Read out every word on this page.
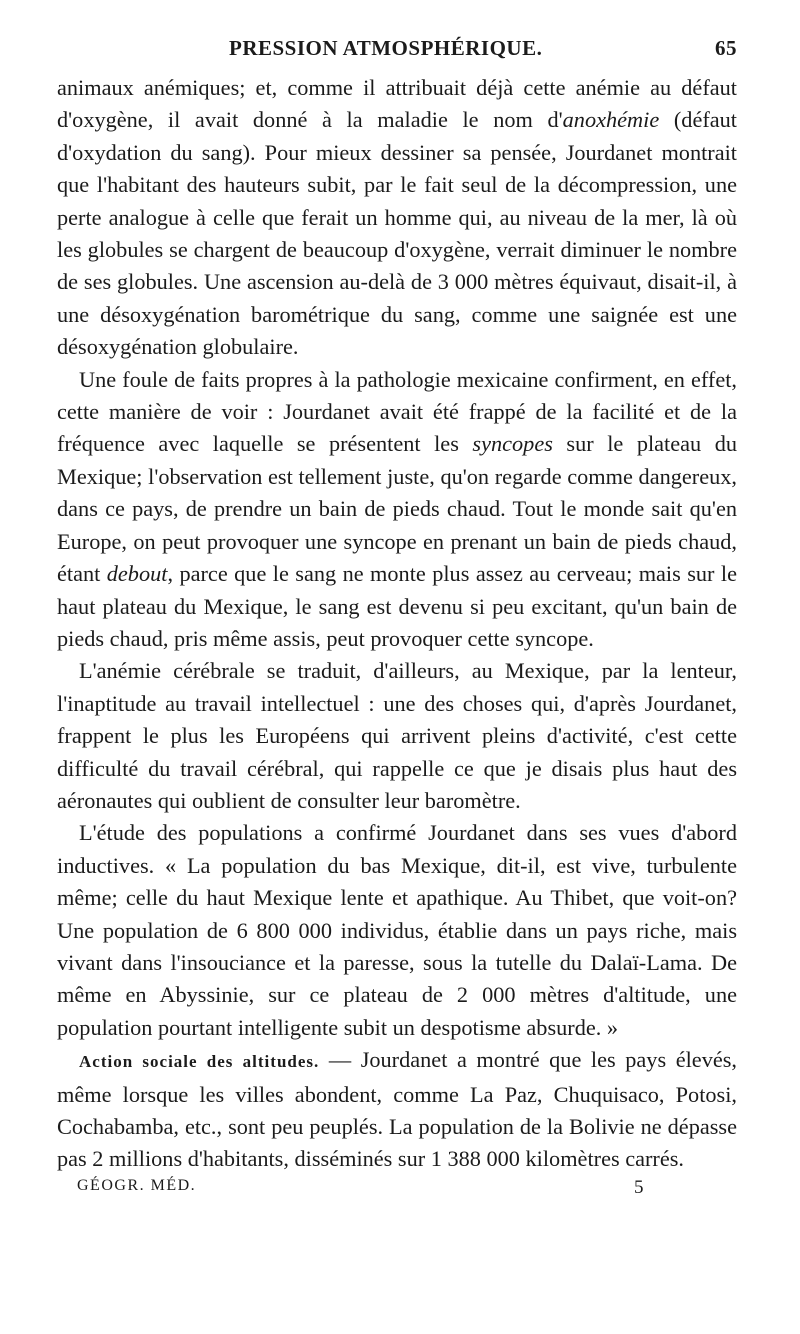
PRESSION ATMOSPHÉRIQUE.	65

animaux anémiques; et, comme il attribuait déjà cette anémie au défaut d'oxygène, il avait donné à la maladie le nom d'anoxhémie (défaut d'oxydation du sang). Pour mieux dessiner sa pensée, Jourdanet montrait que l'habitant des hauteurs subit, par le fait seul de la décompression, une perte analogue à celle que ferait un homme qui, au niveau de la mer, là où les globules se chargent de beaucoup d'oxygène, verrait diminuer le nombre de ses globules. Une ascension au-delà de 3 000 mètres équivaut, disait-il, à une désoxygénation barométrique du sang, comme une saignée est une désoxygénation globulaire.

Une foule de faits propres à la pathologie mexicaine confirment, en effet, cette manière de voir : Jourdanet avait été frappé de la facilité et de la fréquence avec laquelle se présentent les syncopes sur le plateau du Mexique; l'observation est tellement juste, qu'on regarde comme dangereux, dans ce pays, de prendre un bain de pieds chaud. Tout le monde sait qu'en Europe, on peut provoquer une syncope en prenant un bain de pieds chaud, étant debout, parce que le sang ne monte plus assez au cerveau; mais sur le haut plateau du Mexique, le sang est devenu si peu excitant, qu'un bain de pieds chaud, pris même assis, peut provoquer cette syncope.

L'anémie cérébrale se traduit, d'ailleurs, au Mexique, par la lenteur, l'inaptitude au travail intellectuel : une des choses qui, d'après Jourdanet, frappent le plus les Européens qui arrivent pleins d'activité, c'est cette difficulté du travail cérébral, qui rappelle ce que je disais plus haut des aéronautes qui oublient de consulter leur baromètre.

L'étude des populations a confirmé Jourdanet dans ses vues d'abord inductives. « La population du bas Mexique, dit-il, est vive, turbulente même; celle du haut Mexique lente et apathique. Au Thibet, que voit-on? Une population de 6 800 000 individus, établie dans un pays riche, mais vivant dans l'insouciance et la paresse, sous la tutelle du Dalaï-Lama. De même en Abyssinie, sur ce plateau de 2 000 mètres d'altitude, une population pourtant intelligente subit un despotisme absurde. »

Action sociale des altitudes. — Jourdanet a montré que les pays élevés, même lorsque les villes abondent, comme La Paz, Chuquisaco, Potosi, Cochabamba, etc., sont peu peuplés. La population de la Bolivie ne dépasse pas 2 millions d'habitants, disséminés sur 1 388 000 kilomètres carrés.

GÉOGR. MÉD.	5
